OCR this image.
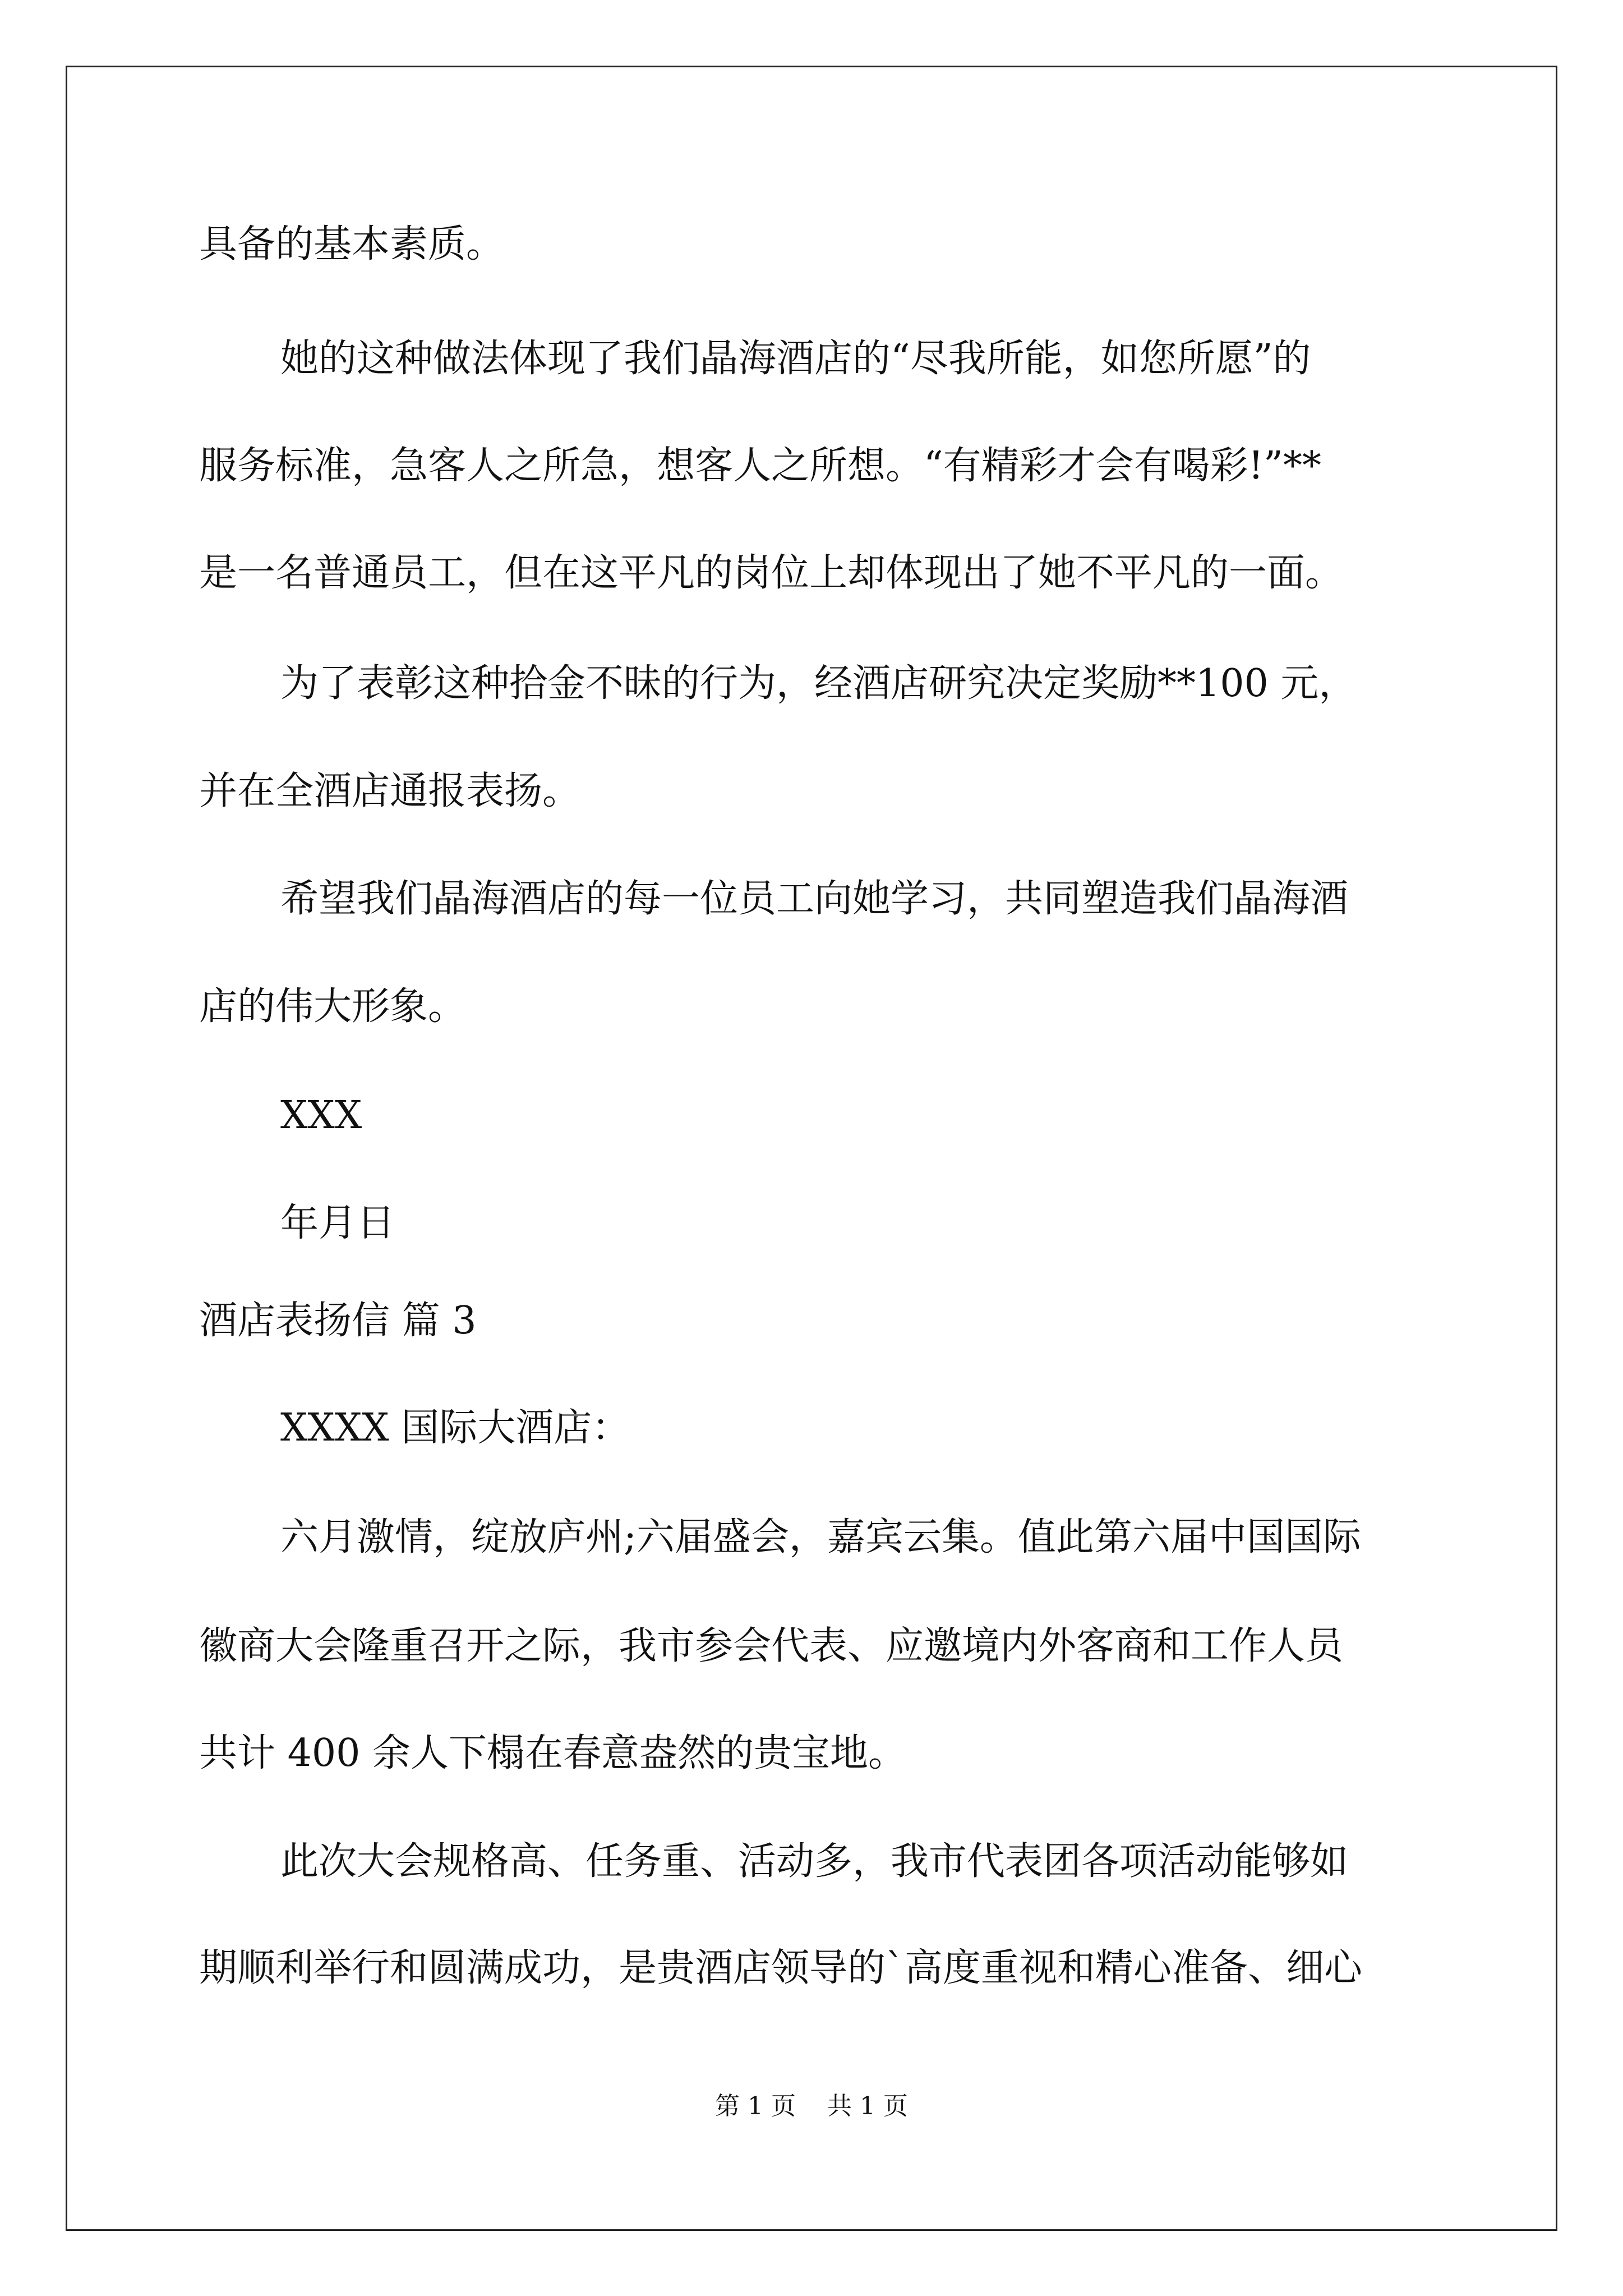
具备的基本素质。

她的这种做法体现了我们晶海酒店的“尽我所能，如您所愿”的

服务标准，急客人之所急，想客人之所想。“有精彩才会有喝彩!”**

是一名普通员工，但在这平凡的岗位上却体现出了她不平凡的一面。

为了表彰这种拾金不昧的行为，经酒店研究决定奖励**100 元，

并在全酒店通报表扬。

希望我们晶海酒店的每一位员工向她学习，共同塑造我们晶海酒

店的伟大形象。

XXX

年月日

酒店表扬信 篇 3

XXXX 国际大酒店：

六月激情，绽放庐州;六届盛会，嘉宾云集。值此第六届中国国际

徽商大会隆重召开之际，我市参会代表、应邀境内外客商和工作人员

共计 400 余人下榻在春意盎然的贵宝地。

此次大会规格高、任务重、活动多，我市代表团各项活动能够如

期顺利举行和圆满成功，是贵酒店领导的`高度重视和精心准备、细心

第 1 页    共 1 页
